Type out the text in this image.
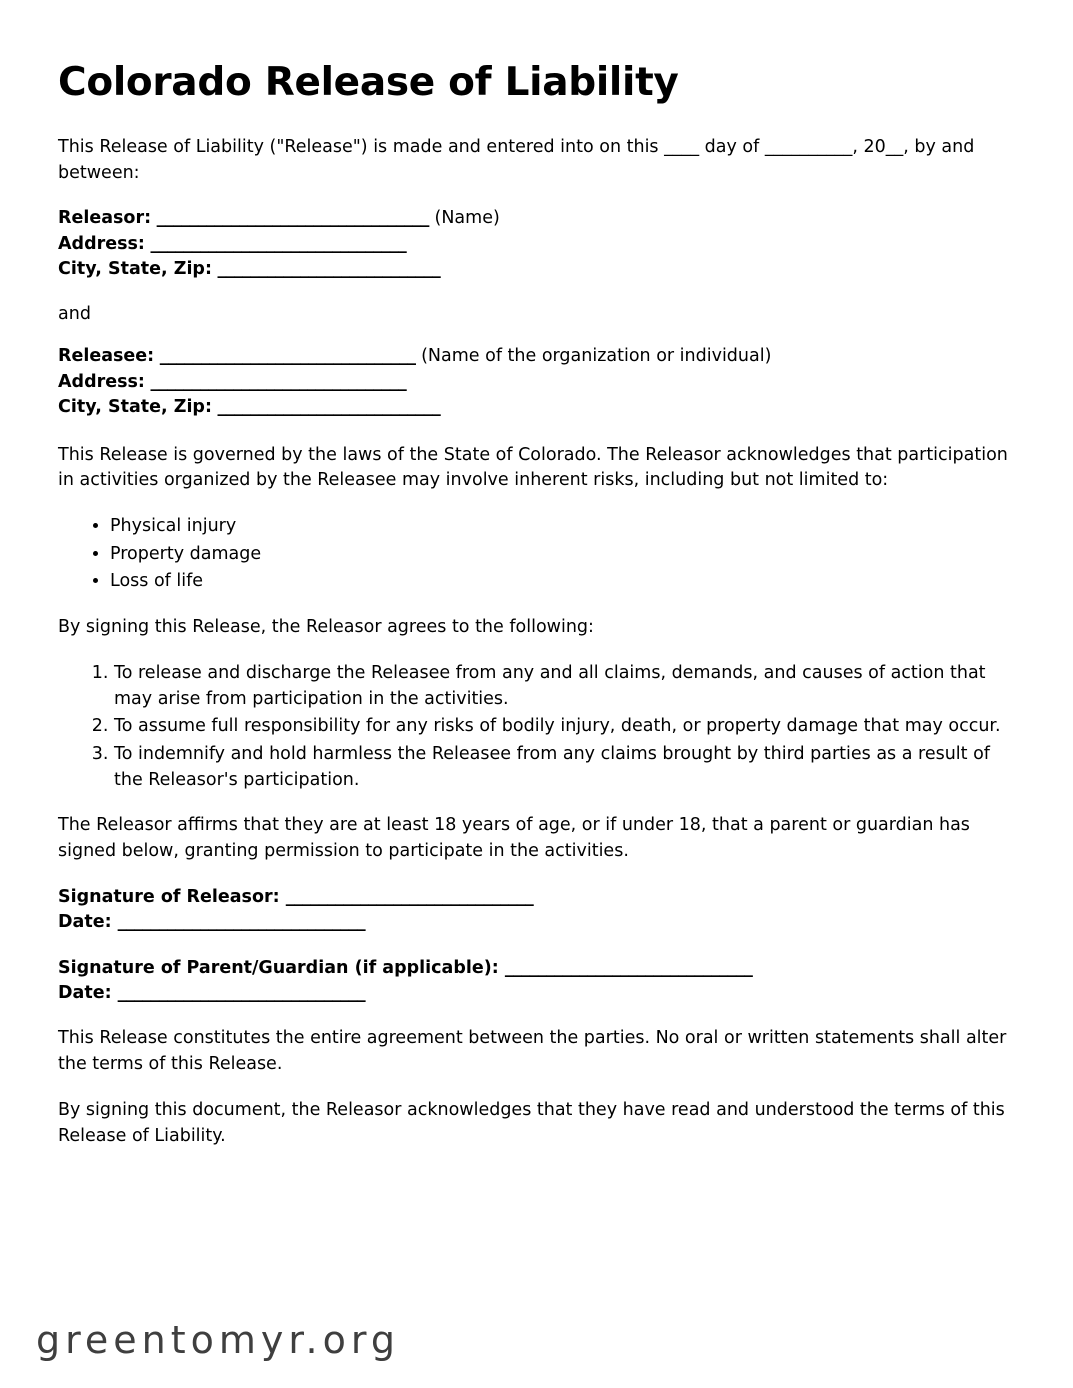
Colorado Release of Liability

This Release of Liability ("Release") is made and entered into on this ____ day of __________, 20__, by and between:

Releasor: _________________________________ (Name)
Address: _______________________________
City, State, Zip: ___________________________

and

Releasee: _______________________________ (Name of the organization or individual)
Address: _______________________________
City, State, Zip: ___________________________

This Release is governed by the laws of the State of Colorado. The Releasor acknowledges that participation in activities organized by the Releasee may involve inherent risks, including but not limited to:

• Physical injury
• Property damage
• Loss of life

By signing this Release, the Releasor agrees to the following:

1. To release and discharge the Releasee from any and all claims, demands, and causes of action that may arise from participation in the activities.
2. To assume full responsibility for any risks of bodily injury, death, or property damage that may occur.
3. To indemnify and hold harmless the Releasee from any claims brought by third parties as a result of the Releasor's participation.

The Releasor affirms that they are at least 18 years of age, or if under 18, that a parent or guardian has signed below, granting permission to participate in the activities.

Signature of Releasor: ______________________________
Date: ______________________________
Signature of Parent/Guardian (if applicable): ______________________________
Date: ______________________________

This Release constitutes the entire agreement between the parties. No oral or written statements shall alter the terms of this Release.

By signing this document, the Releasor acknowledges that they have read and understood the terms of this Release of Liability.

greentomyr.org
